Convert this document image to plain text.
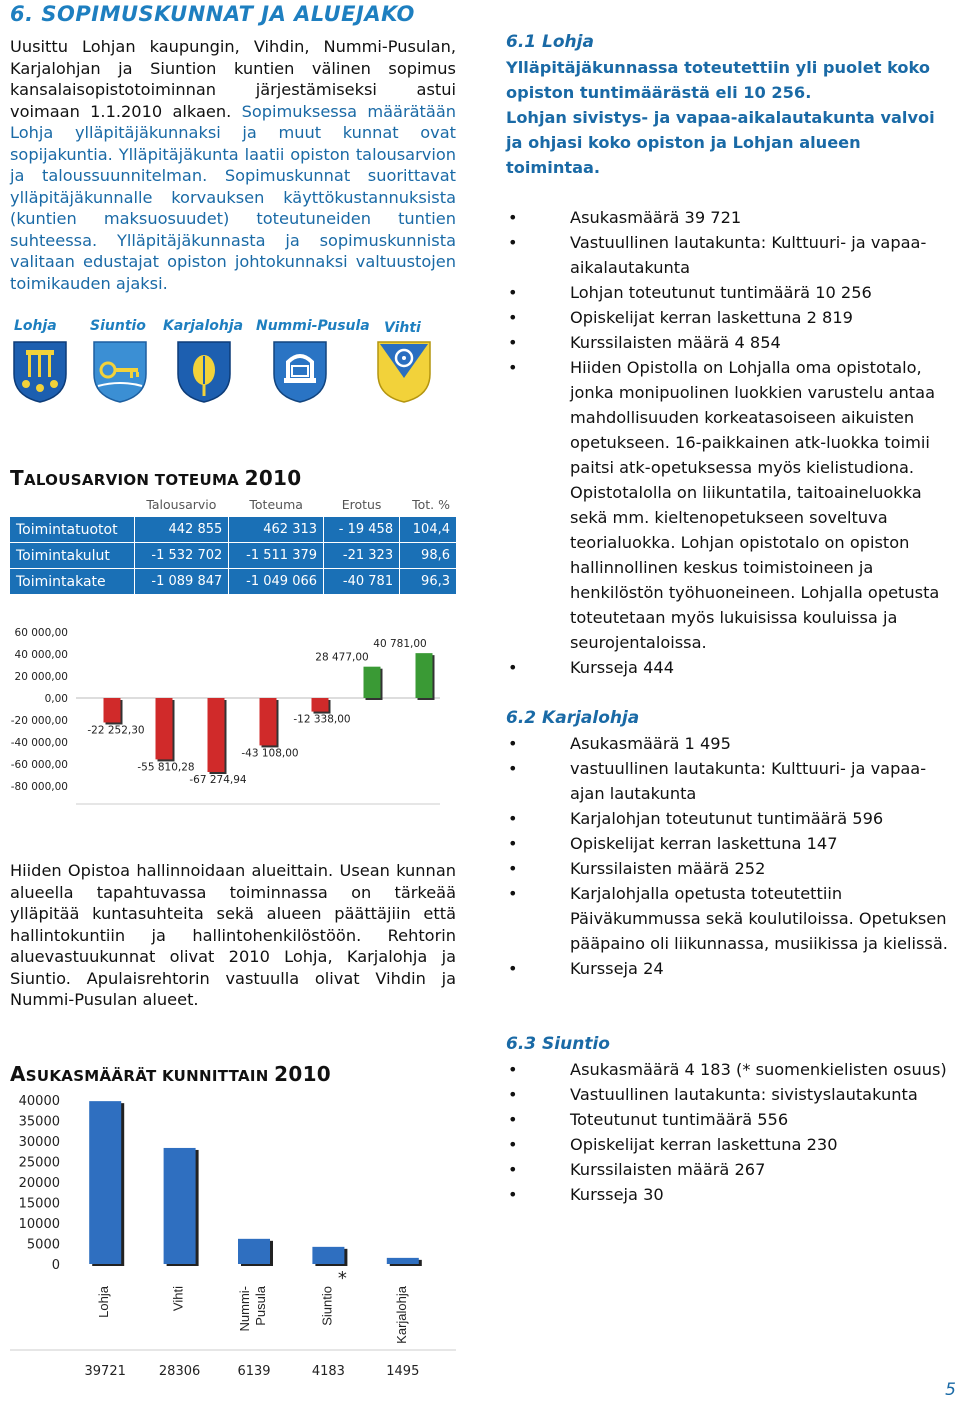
6. SOPIMUSKUNNAT JA ALUEJAKO
Uusittu Lohjan kaupungin, Vihdin, Nummi-Pusulan, Karjalohjan ja Siuntion kuntien välinen sopimus kansalaisopistotoiminnan järjestämiseksi astui voimaan 1.1.2010 alkaen. Sopimuksessa määrätään Lohja ylläpitäjäkunnaksi ja muut kunnat ovat sopijakuntia. Ylläpitäjäkunta laatii opiston talousarvion ja taloussuunnitelman. Sopimuskunnat suorittavat ylläpitäjäkunnalle korvauksen käyttökustannuksista (kuntien maksuosuudet) toteutuneiden tuntien suhteessa. Ylläpitäjäkunnasta ja sopimuskunnista valitaan edustajat opiston johtokunnaksi valtuustojen toimikauden ajaksi.
Lohja Siuntio Karjalohja Nummi-Pusula Vihti
TALOUSARVION TOTEUMA 2010
	Talousarvio	Toteuma	Erotus	Tot. %
Toimintatuotot	442 855	462 313	- 19 458	104,4
Toimintakulut	-1 532 702	-1 511 379	-21 323	98,6
Toimintakate	-1 089 847	-1 049 066	-40 781	96,3

60 000,00
40 000,00
20 000,00
0,00
-20 000,00
-40 000,00
-60 000,00
-80 000,00
-22 252,30
-55 810,28
-67 274,94
-43 108,00
-12 338,00
28 477,00
40 781,00
Hiiden Opistoa hallinnoidaan alueittain. Usean kunnan alueella tapahtuvassa toiminnassa on tärkeää ylläpitää kuntasuhteita sekä alueen päättäjiin että hallintokuntiin ja hallintohenkilöstöön. Rehtorin aluevastuukunnat olivat 2010 Lohja, Karjalohja ja Siuntio. Apulaisrehtorin vastuulla olivat Vihdin ja Nummi-Pusulan alueet.
ASUKASMÄÄRÄT KUNNITTAIN 2010
40000
35000
30000
25000
20000
15000
10000
5000
0
Lohja
39721
Vihti
28306
Nummi- Pusula
6139
Siuntio
4183
*
Karjalohja
1495
6.1 Lohja
Ylläpitäjäkunnassa toteutettiin yli puolet koko opiston tuntimäärästä eli 10 256.
Lohjan sivistys- ja vapaa-aikalautakunta valvoi ja ohjasi koko opiston ja Lohjan alueen toimintaa.
•	Asukasmäärä 39 721
•	Vastuullinen lautakunta: Kulttuuri- ja vapaa-aikalautakunta
•	Lohjan toteutunut tuntimäärä 10 256
•	Opiskelijat kerran laskettuna 2 819
•	Kurssilaisten määrä 4 854
•	Hiiden Opistolla on Lohjalla oma opistotalo, jonka monipuolinen luokkien varustelu antaa mahdollisuuden korkeatasoiseen aikuisten opetukseen. 16-paikkainen atk-luokka toimii paitsi atk-opetuksessa myös kielistudiona. Opistotalolla on liikuntatila, taitoaineluokka sekä mm. kieltenopetukseen soveltuva teorialuokka. Lohjan opistotalo on opiston hallinnollinen keskus toimistoineen ja henkilöstön työhuoneineen. Lohjalla opetusta toteutetaan myös lukuisissa kouluissa ja seurojentaloissa.
•	Kursseja 444
6.2 Karjalohja
•	Asukasmäärä 1 495
•	vastuullinen lautakunta: Kulttuuri- ja vapaa-ajan lautakunta
•	Karjalohjan toteutunut tuntimäärä 596
•	Opiskelijat kerran laskettuna 147
•	Kurssilaisten määrä 252
•	Karjalohjalla opetusta toteutettiin Päiväkummussa sekä koulutiloissa. Opetuksen pääpaino oli liikunnassa, musiikissa ja kielissä.
•	Kursseja 24
6.3 Siuntio
•	Asukasmäärä 4 183 (* suomenkielisten osuus)
•	Vastuullinen lautakunta: sivistyslautakunta
•	Toteutunut tuntimäärä 556
•	Opiskelijat kerran laskettuna 230
•	Kurssilaisten määrä 267
•	Kursseja 30
5
